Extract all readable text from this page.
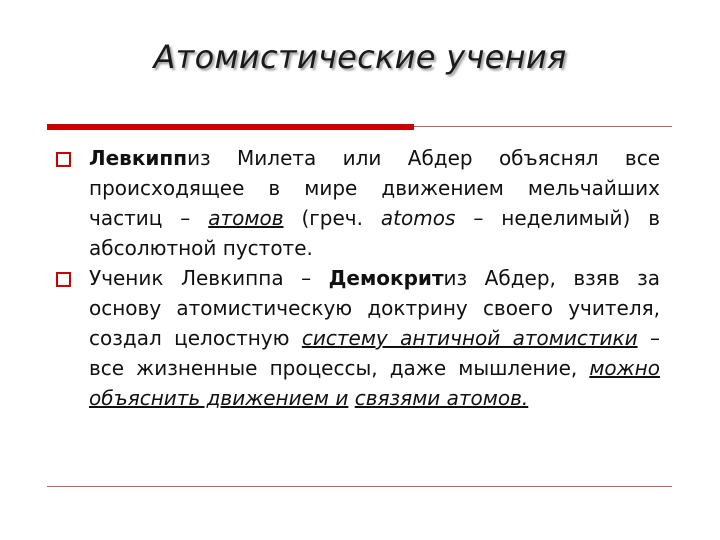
Атомистические учения
Левкиппиз Милета или Абдер объяснял все происходящее в мире движением мельчайших частиц – атомов (греч. atomos – неделимый) в абсолютной пустоте.
Ученик Левкиппа – Демокритиз Абдер, взяв за основу атомистическую доктрину своего учителя, создал целостную систему античной атомистики – все жизненные процессы, даже мышление, можно объяснить движением и связями атомов.
